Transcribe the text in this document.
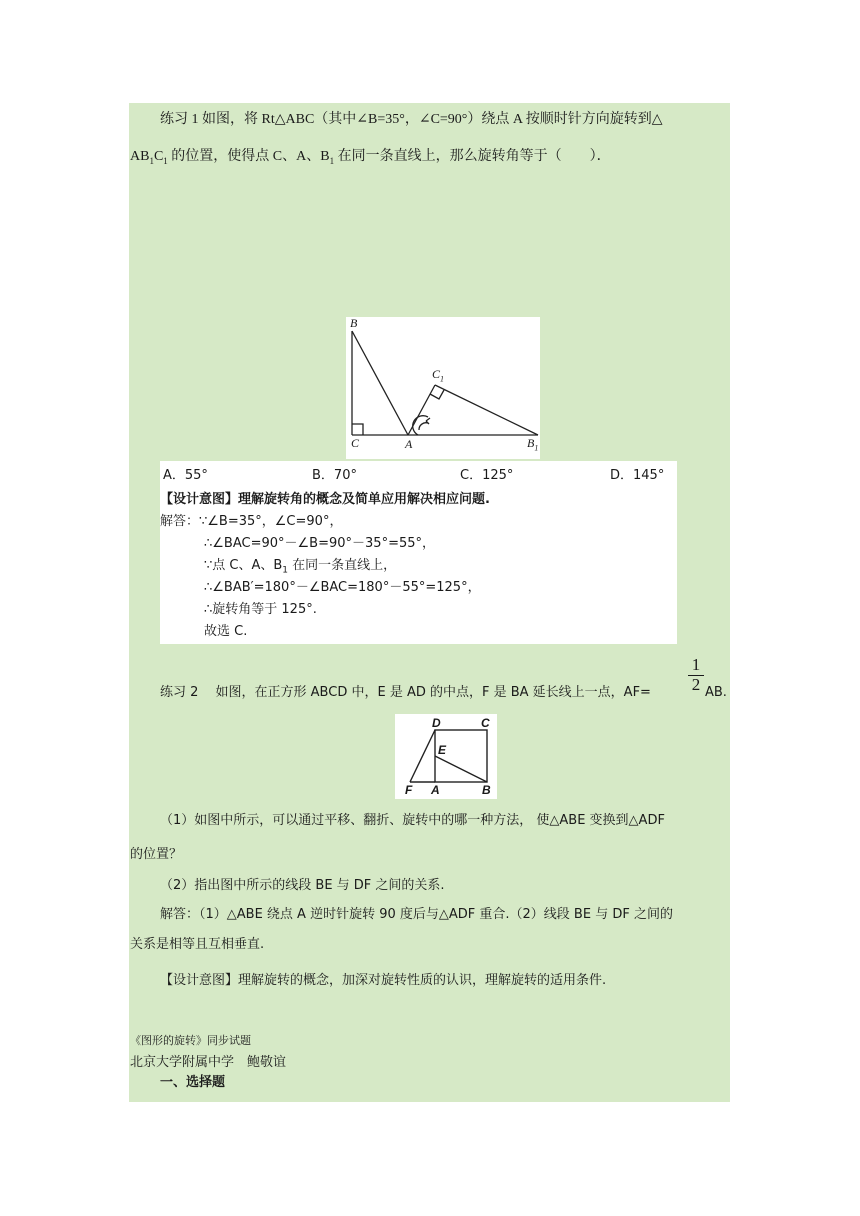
练习 1 如图，将 Rt△ABC（其中∠B=35°，∠C=90°）绕点 A 按顺时针方向旋转到△
$AB_1C_1$ 的位置，使得点 C、A、$B_1$ 在同一条直线上，那么旋转角等于（　　）．
B
C	A
$C_1$
$B_1$
A．55°	B．70°	C．125°	D．145°
【设计意图】理解旋转角的概念及简单应用解决相应问题.
解答：∵∠B=35°，∠C=90°，
∴∠BAC=90°－∠B=90°－35°=55°，
∵点 C、A、$B_1$ 在同一条直线上，
∴∠BAB′=180°－∠BAC=180°－55°=125°，
∴旋转角等于 125°.
故选 C.
练习 2　 如图，在正方形 ABCD 中，E 是 AD 的中点，F 是 BA 延长线上一点，AF=
1
2 AB.
D	C
E
F A	B
（1）如图中所示，可以通过平移、翻折、旋转中的哪一种方法， 使△ABE 变换到△ADF
的位置？
（2）指出图中所示的线段 BE 与 DF 之间的关系.
解答：（1）△ABE 绕点 A 逆时针旋转 90 度后与△ADF 重合.（2）线段 BE 与 DF 之间的
关系是相等且互相垂直.
【设计意图】理解旋转的概念，加深对旋转性质的认识，理解旋转的适用条件.
《图形的旋转》同步试题
北京大学附属中学　鲍敬谊
一、选择题
